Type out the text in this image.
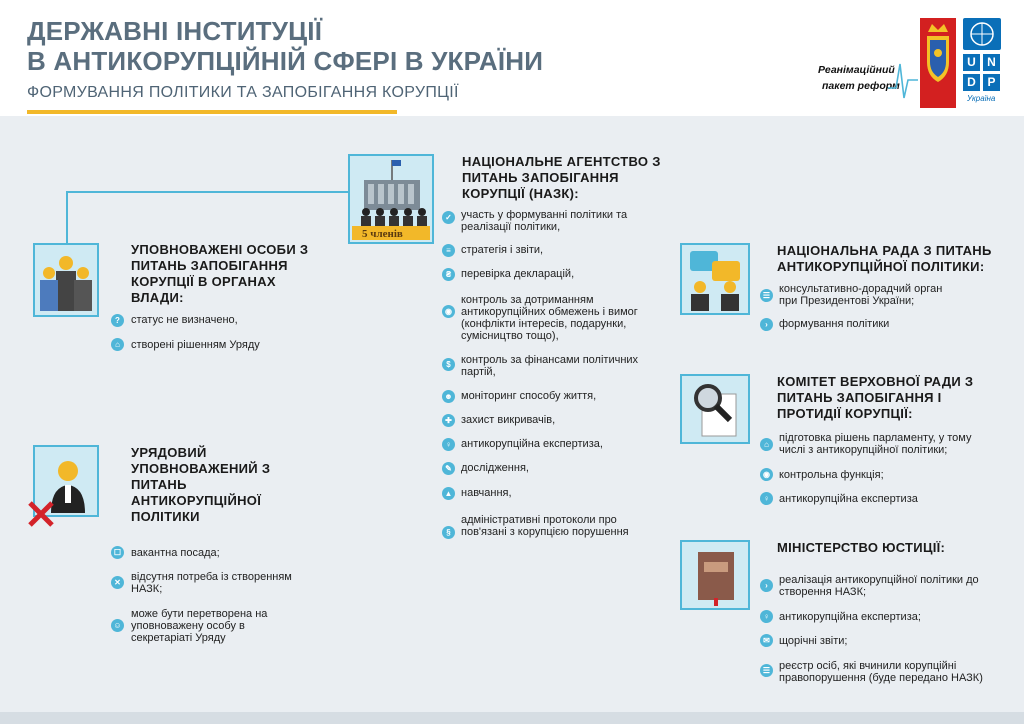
ДЕРЖАВНІ ІНСТИТУЦІЇ
В АНТИКОРУПЦІЙНІЙ СФЕРІ В УКРАЇНИ
ФОРМУВАННЯ ПОЛІТИКИ ТА ЗАПОБІГАННЯ КОРУПЦІЇ
Реанімаційний
пакет реформ
U N
D P
Україна
5 членів
НАЦІОНАЛЬНЕ АГЕНТСТВО З ПИТАНЬ ЗАПОБІГАННЯ КОРУПЦІЇ (НАЗК):
✓ участь у формуванні політики та реалізації політики,
≡ стратегія і звіти,
₴ перевірка декларацій,
◉
контроль за дотриманням антикорупційних обмежень і вимог (конфлікти інтересів, подарунки, сумісництво тощо),
$ контроль за фінансами політичних партій,
☻ моніторинг способу життя,
✚ захист викривачів,
♀ антикорупційна експертиза,
✎ дослідження,
▲ навчання,
§
адміністративні протоколи про пов'язані з корупцією порушення
УПОВНОВАЖЕНІ ОСОБИ З ПИТАНЬ ЗАПОБІГАННЯ КОРУПЦІЇ В ОРГАНАХ ВЛАДИ:
?	статус не визначено,
⌂	створені рішенням Уряду
УРЯДОВИЙ УПОВНОВАЖЕНИЙ З ПИТАНЬ АНТИКОРУПЦІЙНОЇ ПОЛІТИКИ
☐ вакантна посада;
✕ відсутня потреба із створенням НАЗК;
☺
може бути перетворена на уповноважену особу в секретаріаті Уряду
НАЦІОНАЛЬНА РАДА З ПИТАНЬ АНТИКОРУПЦІЙНОЇ ПОЛІТИКИ:
☰
консультативно-дорадчий орган при Президентові України;
›	формування політики
КОМІТЕТ ВЕРХОВНОЇ РАДИ З ПИТАНЬ ЗАПОБІГАННЯ І ПРОТИДІЇ КОРУПЦІЇ:
⌂
підготовка рішень парламенту, у тому числі з антикорупційної політики;
◉ контрольна функція;
♀ антикорупційна експертиза
МІНІСТЕРСТВО ЮСТИЦІЇ:
›	реалізація антикорупційної політики до створення НАЗК;
♀ антикорупційна експертиза;
✉ щорічні звіти;
☰ реєстр осіб, які вчинили корупційні правопорушення (буде передано НАЗК)
